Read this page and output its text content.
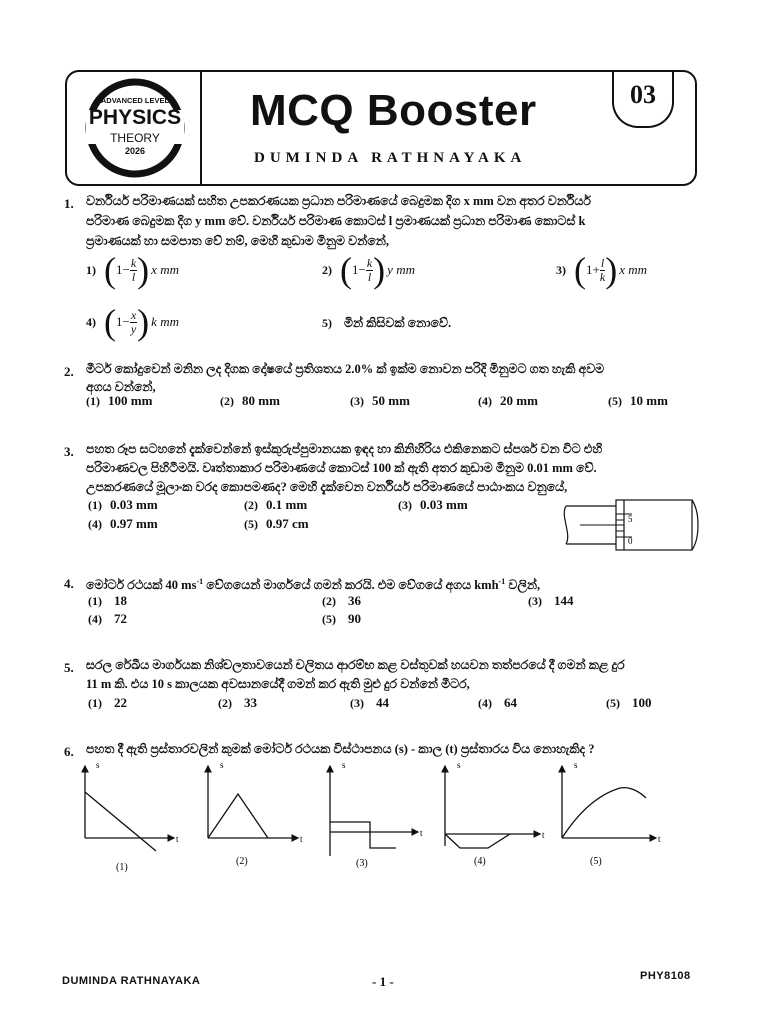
ADVANCED LEVEL
PHYSICS
THEORY
2026
MCQ Booster
DUMINDA RATHNAYAKA
03
1. වර්නියර් පරිමාණයක් සහිත උපකරණයක ප්‍රධාන පරිමාණයේ බෙදුමක දිග x mm වන අතර වර්නියර්
පරිමාණ බෙදුමක දිග y mm වේ. වර්නියර් පරිමාණ කොටස් l ප්‍රමාණයක් ප්‍රධාන පරිමාණ කොටස් k
ප්‍රමාණයක් හා සමපාත වේ නම්, මෙහි කුඩාම මිනුම වන්නේ,
1) ( $1- \frac{k}{l}$ ) x mm	2) ( $1- \frac{k}{l}$ ) y mm	3) ( $1+ \frac{l}{k}$ ) x mm
4) ( $1- \frac{x}{y}$ ) k mm	5) මින් කිසිවක් නොවේ.
2. මීටර් කෝදුවෙන් මනින ලද දිගක දෝෂයේ ප්‍රතිශතය 2.0% ක් ඉක්ම නොවන පරිදි මිනුමට ගත හැකි අවම
අගය වන්නේ,
(1) 100 mm	(2) 80 mm	(3) 50 mm	(4) 20 mm	(5) 10 mm
3. පහත රූප සටහනේ දැක්වෙන්නේ ඉස්කුරුප්පුමානයක ඉඳද හා කිනිහිරිය එකිනෙකට ස්පර්ශ වන විට එහි
පරිමාණවල පිහිටීමයි. වෘත්තාකාර පරිමාණයේ කොටස් 100 ක් ඇති අතර කුඩාම මිනුම 0.01 mm වේ.
උපකරණයේ මූලාංක වරද කොපමණද? මෙහි දැක්වෙන වර්නියර් පරිමාණයේ පාඨාංකය වනුයේ,
(1) 0.03 mm	(2) 0.1 mm	(3) 0.03 mm
(4) 0.97 mm	(5) 0.97 cm	5
0
4. මෝටර් රථයක් 40 $ms^{-1}$ වේගයෙන් මාර්ගයේ ගමන් කරයි. එම වේගයේ අගය kmh$^{-1}$ වලින්,
(1) 18	(2) 36	(3) 144
(4) 72	(5) 90
5. සරල රේඛීය මාර්ගයක නිශ්චලතාවයෙන් චලිතය ආරම්භ කළ වස්තුවක් හයවන තත්පරයේ දී ගමන් කළ දුර
11 m කි. එය 10 s කාලයක අවසානයේදී ගමන් කර ඇති මුළු දුර වන්නේ මීටර,
(1) 22	(2) 33	(3) 44	(4) 64	(5) 100
6. පහත දී ඇති ප්‍රස්තාරවලින් කුමක් මෝටර් රථයක විස්ථාපනය (s) - කාල (t) ප්‍රස්තාරය විය නොහැකිද ?
s
t
(1)
s
t
(2)
s
t
(3)
s
t
(4)
s
t
(5)
DUMINDA RATHNAYAKA	- 1 -	PHY8108
